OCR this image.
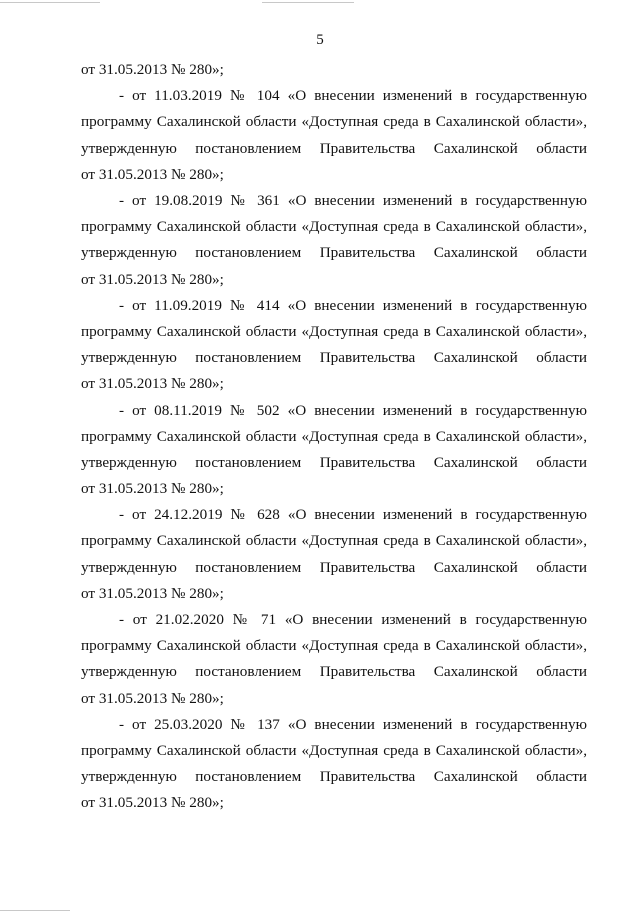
5
от 31.05.2013 № 280»;
- от 11.03.2019 № 104 «О внесении изменений в государственную
программу Сахалинской области «Доступная среда в Сахалинской области»,
утвержденную постановлением Правительства Сахалинской области
от 31.05.2013 № 280»;
- от 19.08.2019 № 361 «О внесении изменений в государственную
программу Сахалинской области «Доступная среда в Сахалинской области»,
утвержденную постановлением Правительства Сахалинской области
от 31.05.2013 № 280»;
- от 11.09.2019 № 414 «О внесении изменений в государственную
программу Сахалинской области «Доступная среда в Сахалинской области»,
утвержденную постановлением Правительства Сахалинской области
от 31.05.2013 № 280»;
- от 08.11.2019 № 502 «О внесении изменений в государственную
программу Сахалинской области «Доступная среда в Сахалинской области»,
утвержденную постановлением Правительства Сахалинской области
от 31.05.2013 № 280»;
- от 24.12.2019 № 628 «О внесении изменений в государственную
программу Сахалинской области «Доступная среда в Сахалинской области»,
утвержденную постановлением Правительства Сахалинской области
от 31.05.2013 № 280»;
- от 21.02.2020 № 71 «О внесении изменений в государственную
программу Сахалинской области «Доступная среда в Сахалинской области»,
утвержденную постановлением Правительства Сахалинской области
от 31.05.2013 № 280»;
- от 25.03.2020 № 137 «О внесении изменений в государственную
программу Сахалинской области «Доступная среда в Сахалинской области»,
утвержденную постановлением Правительства Сахалинской области
от 31.05.2013 № 280»;
